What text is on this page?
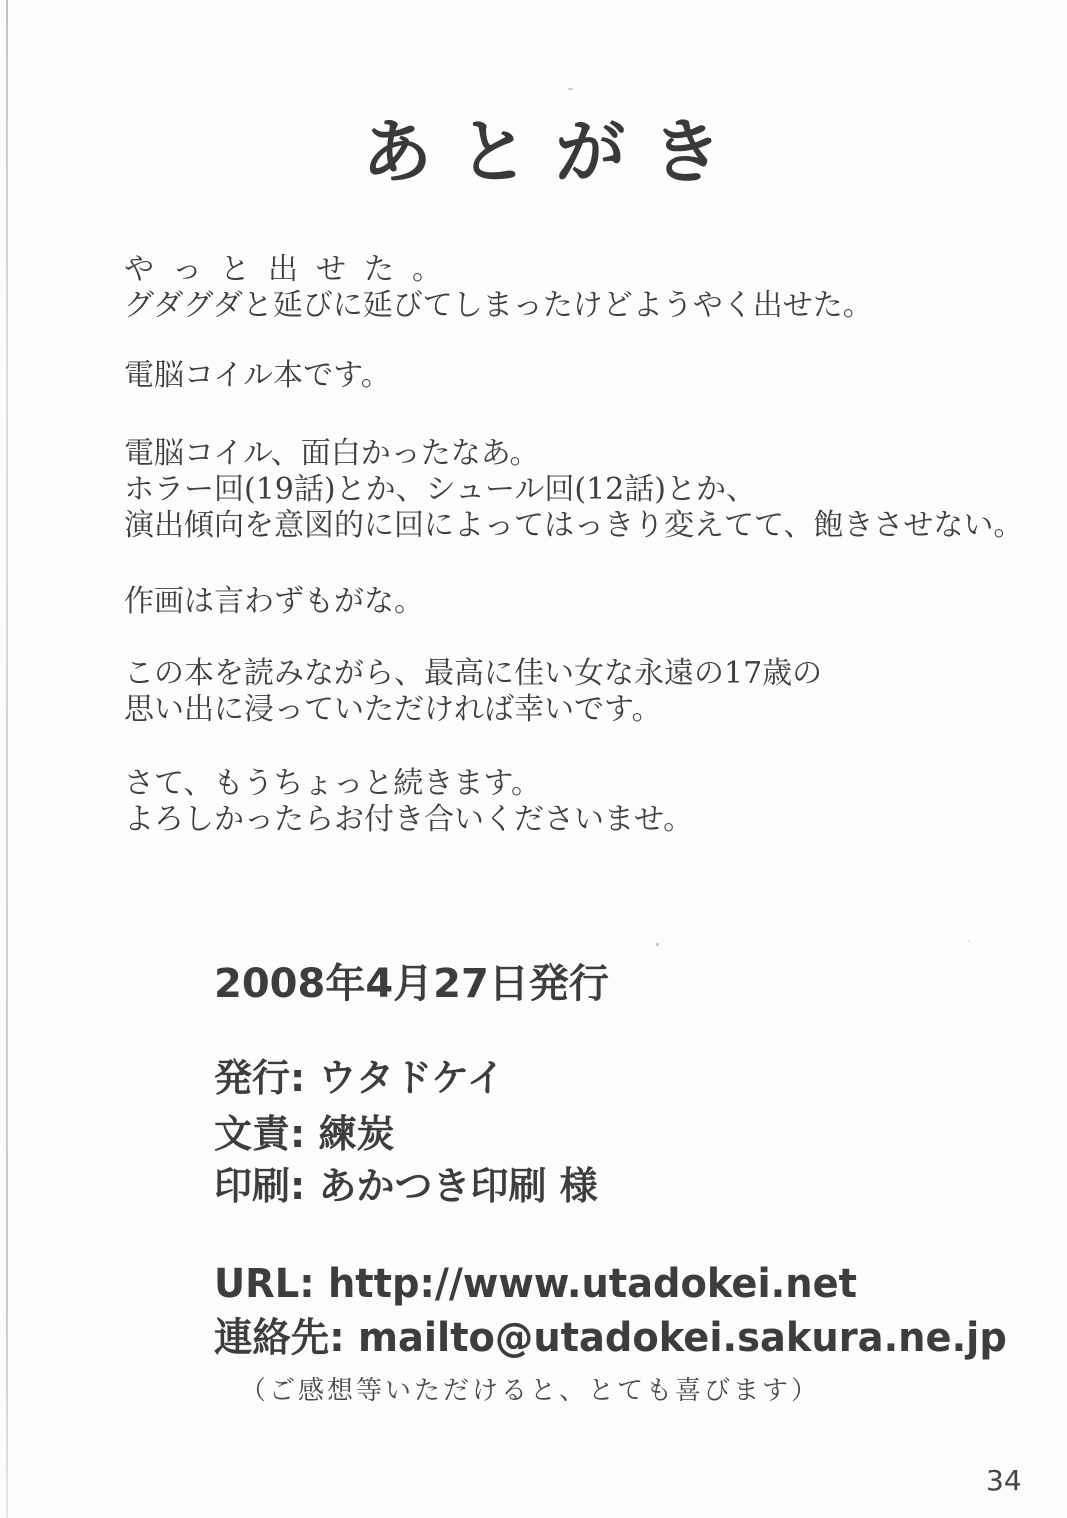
あとがき

やっと出せた。
グダグダと延びに延びてしまったけどようやく出せた。

電脳コイル本です。

電脳コイル、面白かったなあ。
ホラー回(19話)とか、シュール回(12話)とか、
演出傾向を意図的に回によってはっきり変えてて、飽きさせない。

作画は言わずもがな。

この本を読みながら、最高に佳い女な永遠の17歳の
思い出に浸っていただければ幸いです。

さて、もうちょっと続きます。
よろしかったらお付き合いくださいませ。

2008年4月27日発行

発行: ウタドケイ

文責: 練炭

印刷: あかつき印刷 様

URL: http://www.utadokei.net

連絡先: mailto@utadokei.sakura.ne.jp

（ご感想等いただけると、とても喜びます）

34
